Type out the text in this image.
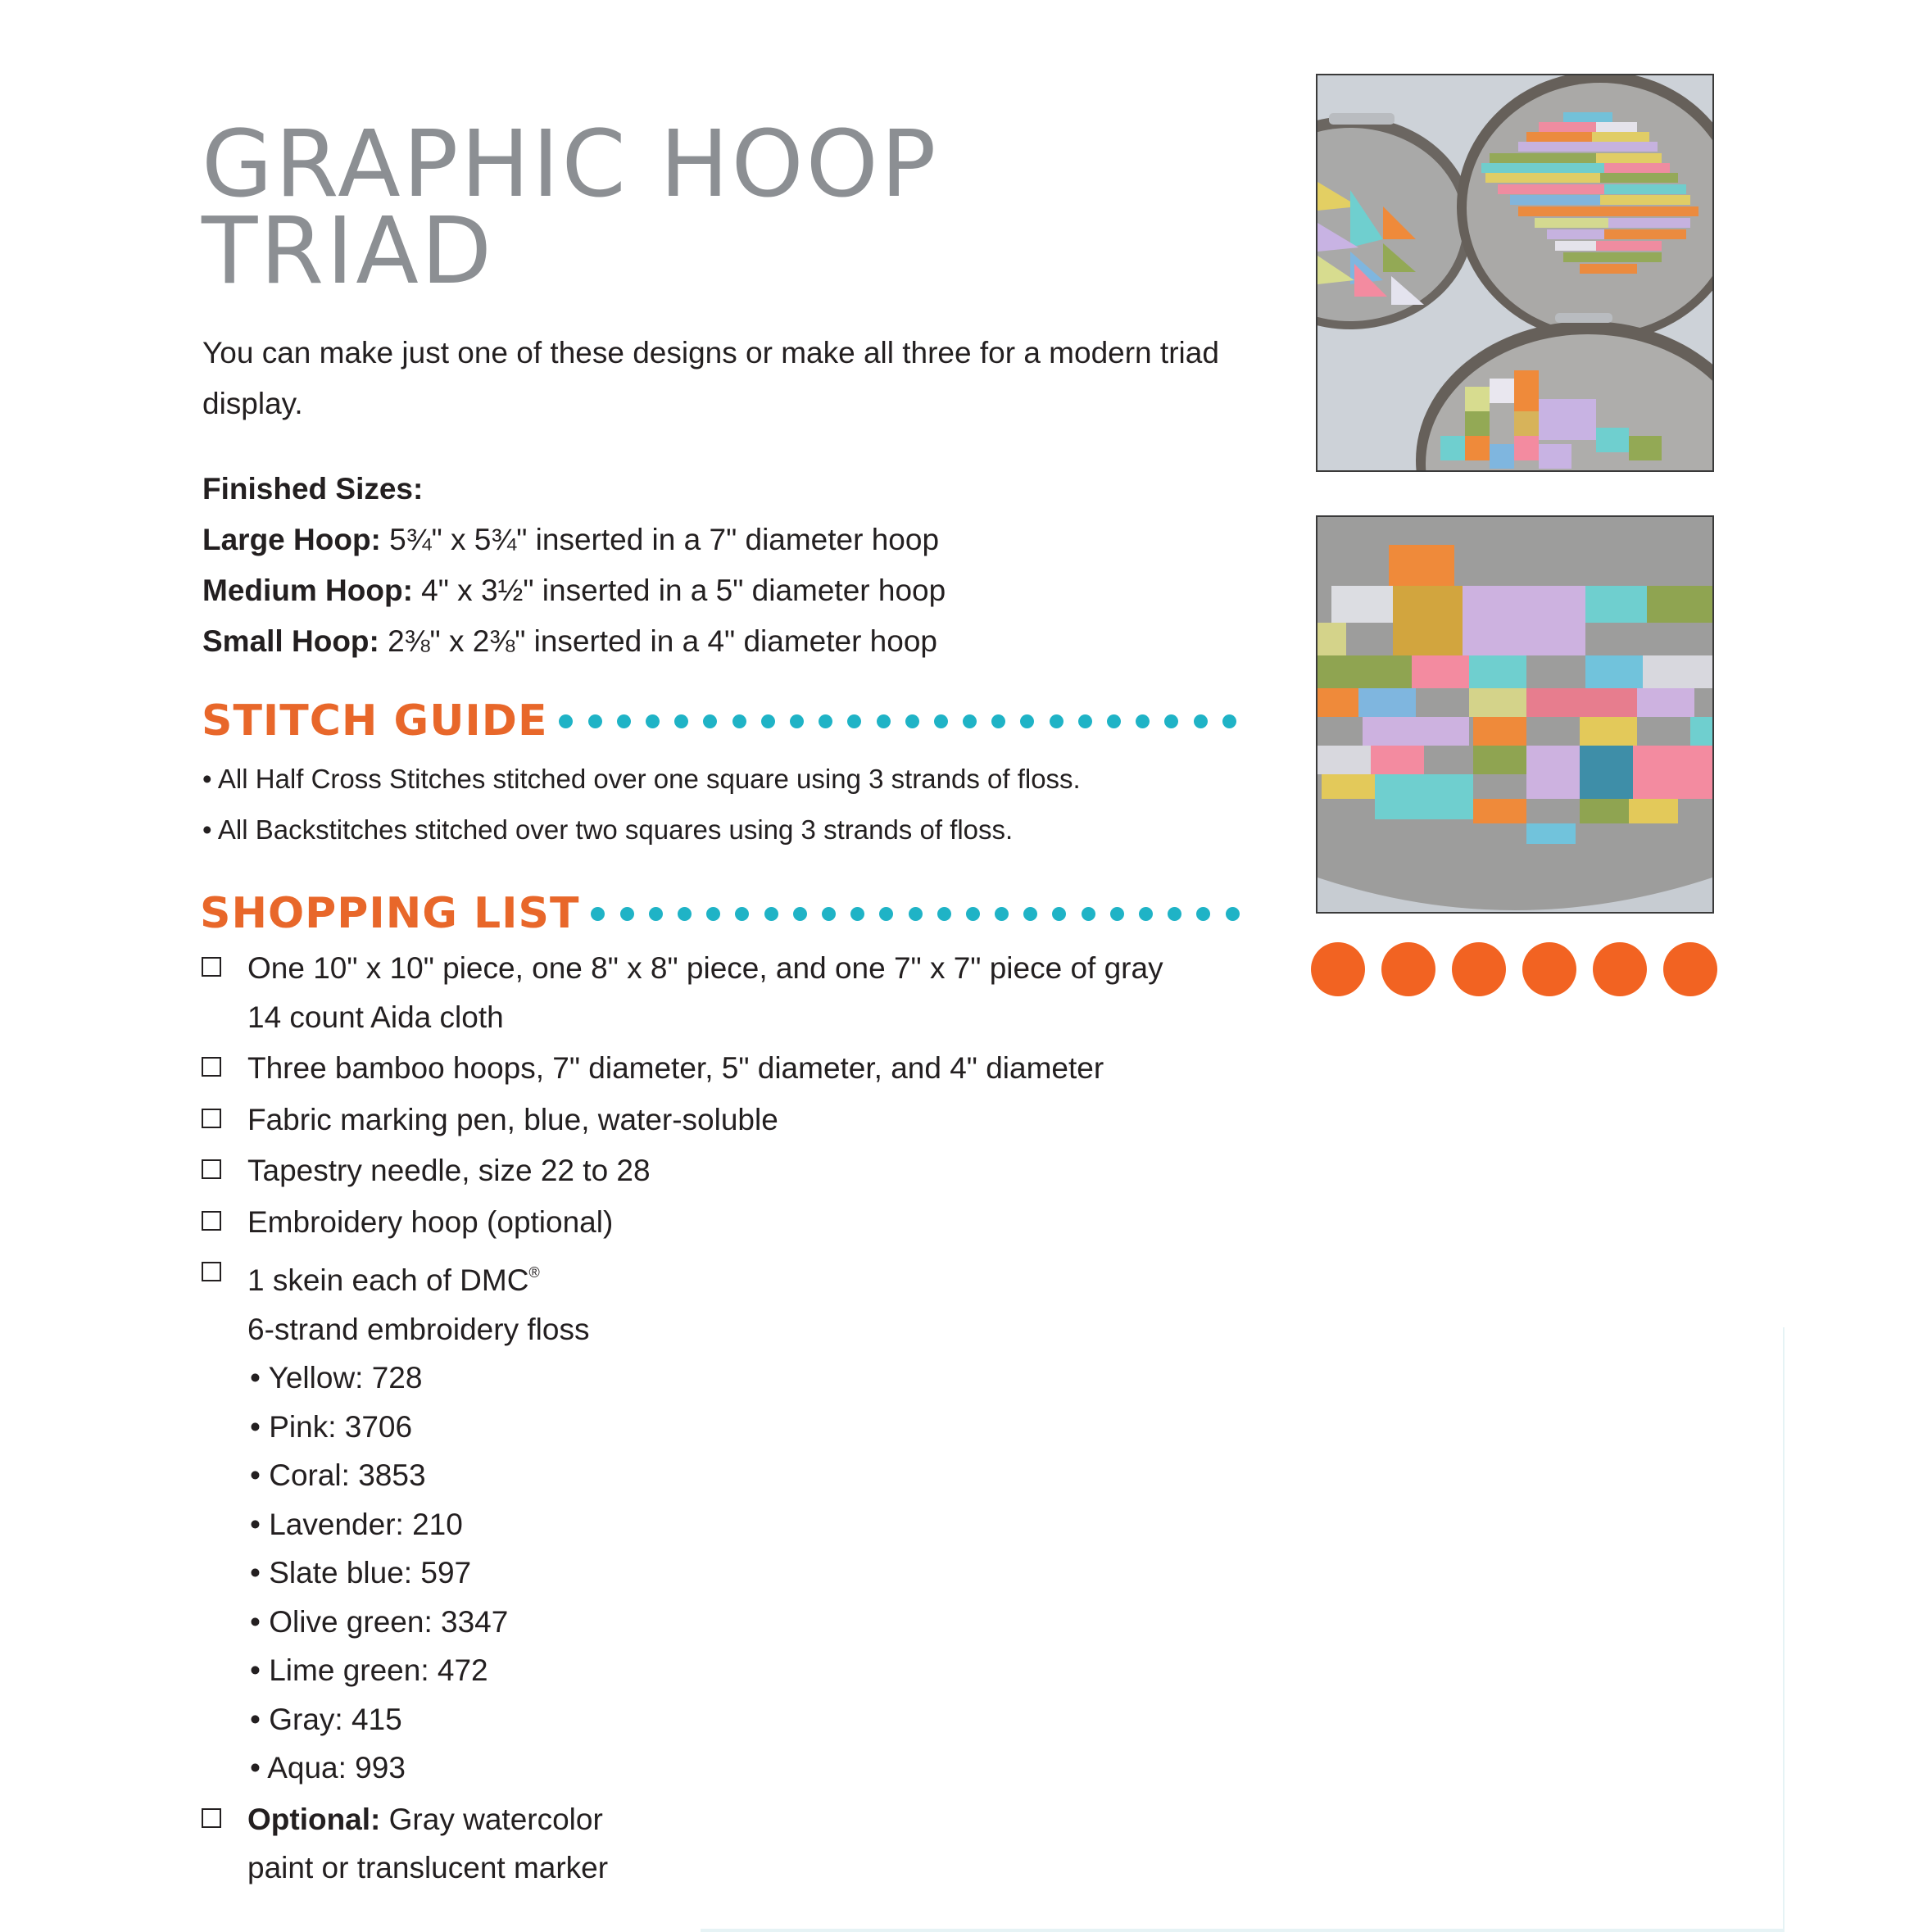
GRAPHIC HOOP
TRIAD
You can make just one of these designs or make all three for a modern triad display.
Finished Sizes:
Large Hoop: 5¾" x 5¾" inserted in a 7" diameter hoop
Medium Hoop: 4" x 3½" inserted in a 5" diameter hoop
Small Hoop: 2⅜" x 2⅜" inserted in a 4" diameter hoop
STITCH GUIDE
• All Half Cross Stitches stitched over one square using 3 strands of floss.
• All Backstitches stitched over two squares using 3 strands of floss.
SHOPPING LIST
One 10" x 10" piece, one 8" x 8" piece, and one 7" x 7" piece of gray
14 count Aida cloth
Three bamboo hoops, 7" diameter, 5" diameter, and 4" diameter
Fabric marking pen, blue, water-soluble
Tapestry needle, size 22 to 28
Embroidery hoop (optional)
1 skein each of DMC®
6-strand embroidery floss
• Yellow: 728
• Pink: 3706
• Coral: 3853
• Lavender: 210
• Slate blue: 597
• Olive green: 3347
• Lime green: 472
• Gray: 415
• Aqua: 993
Optional: Gray watercolor
paint or translucent marker
